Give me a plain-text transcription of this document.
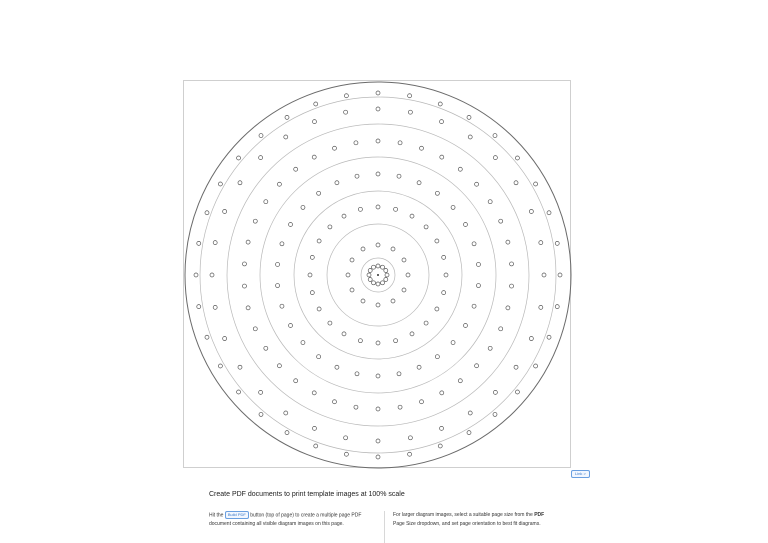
Link >
Create PDF documents to print template images at 100% scale
Hit the Build PDF button (top of page) to create a multiple page PDF document containing all visible diagram images on this page.
For larger diagram images, select a suitable page size from the PDF Page Size dropdown, and set page orientation to best fit diagrams.
